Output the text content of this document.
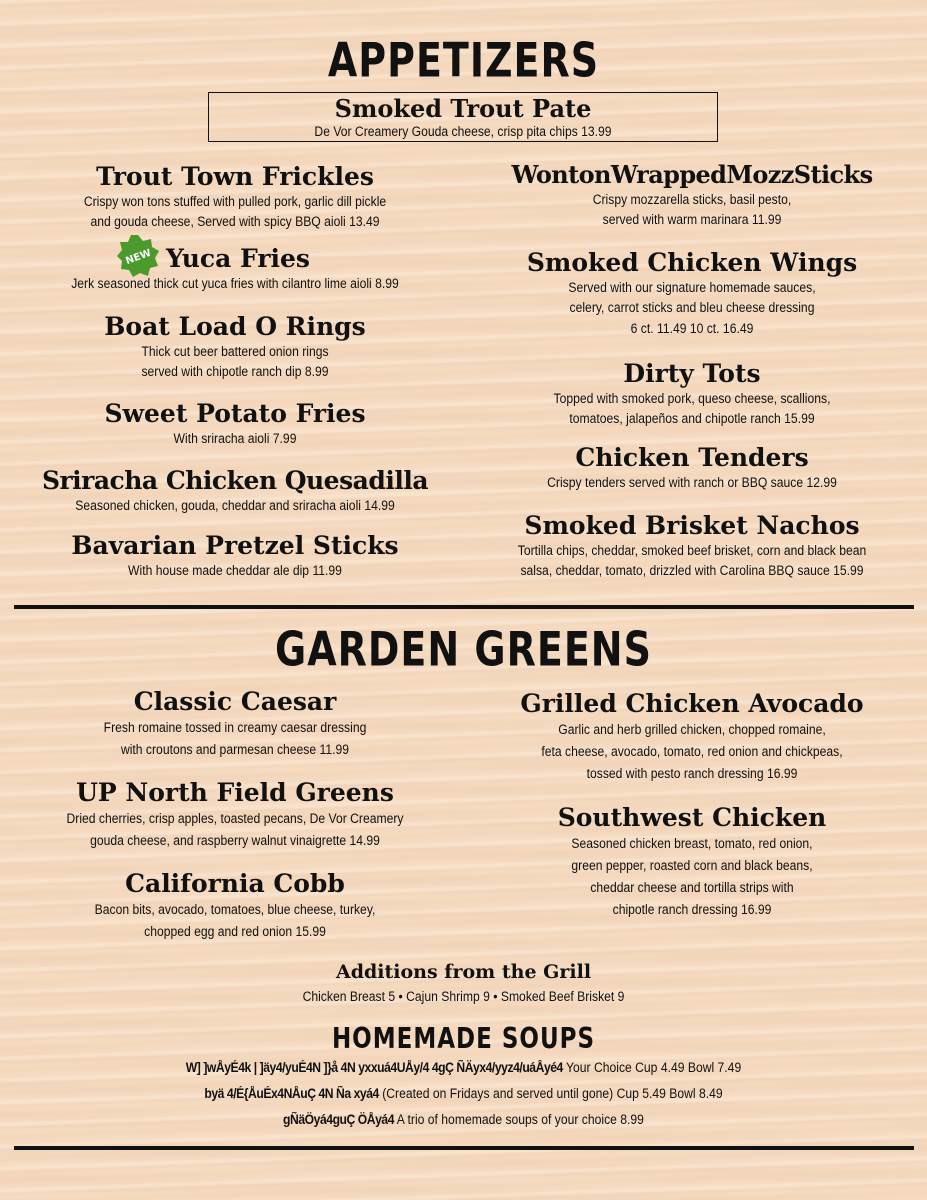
APPETIZERS
Smoked Trout Pate
De Vor Creamery Gouda cheese, crisp pita chips 13.99
Trout Town Frickles
Crispy won tons stuffed with pulled pork, garlic dill pickle
and gouda cheese, Served with spicy BBQ aioli 13.49
NEW Yuca Fries
Jerk seasoned thick cut yuca fries with cilantro lime aioli 8.99
Boat Load O Rings
Thick cut beer battered onion rings
served with chipotle ranch dip 8.99
Sweet Potato Fries
With sriracha aioli 7.99
Sriracha Chicken Quesadilla
Seasoned chicken, gouda, cheddar and sriracha aioli 14.99
Bavarian Pretzel Sticks
With house made cheddar ale dip 11.99
WontonWrappedMozzSticks
Crispy mozzarella sticks, basil pesto,
served with warm marinara 11.99
Smoked Chicken Wings
Served with our signature homemade sauces,
celery, carrot sticks and bleu cheese dressing
6 ct. 11.49 10 ct. 16.49
Dirty Tots
Topped with smoked pork, queso cheese, scallions,
tomatoes, jalapeños and chipotle ranch 15.99
Chicken Tenders
Crispy tenders served with ranch or BBQ sauce 12.99
Smoked Brisket Nachos
Tortilla chips, cheddar, smoked beef brisket, corn and black bean
salsa, cheddar, tomato, drizzled with Carolina BBQ sauce 15.99
GARDEN GREENS
Classic Caesar
Fresh romaine tossed in creamy caesar dressing
with croutons and parmesan cheese 11.99
UP North Field Greens
Dried cherries, crisp apples, toasted pecans, De Vor Creamery
gouda cheese, and raspberry walnut vinaigrette 14.99
California Cobb
Bacon bits, avocado, tomatoes, blue cheese, turkey,
chopped egg and red onion 15.99
Grilled Chicken Avocado
Garlic and herb grilled chicken, chopped romaine,
feta cheese, avocado, tomato, red onion and chickpeas,
tossed with pesto ranch dressing 16.99
Southwest Chicken
Seasoned chicken breast, tomato, red onion,
green pepper, roasted corn and black beans,
cheddar cheese and tortilla strips with
chipotle ranch dressing 16.99
Additions from the Grill
Chicken Breast 5 • Cajun Shrimp 9 • Smoked Beef Brisket 9
HOMEMADE SOUPS
W] ]wÅyÉ4k | ]äy4/yuÉ4N ]}å 4N yxxuá4UÅy/4 4gÇ ÑÄyx4/yyz4/uáÅyé4 Your Choice Cup 4.49 Bowl 7.49
byä 4/É{ÅuÉx4NÅuÇ 4N Ña xyá4 (Created on Fridays and served until gone) Cup 5.49 Bowl 8.49
gÑäÖyá4guÇ ÖÅyá4 A trio of homemade soups of your choice 8.99
